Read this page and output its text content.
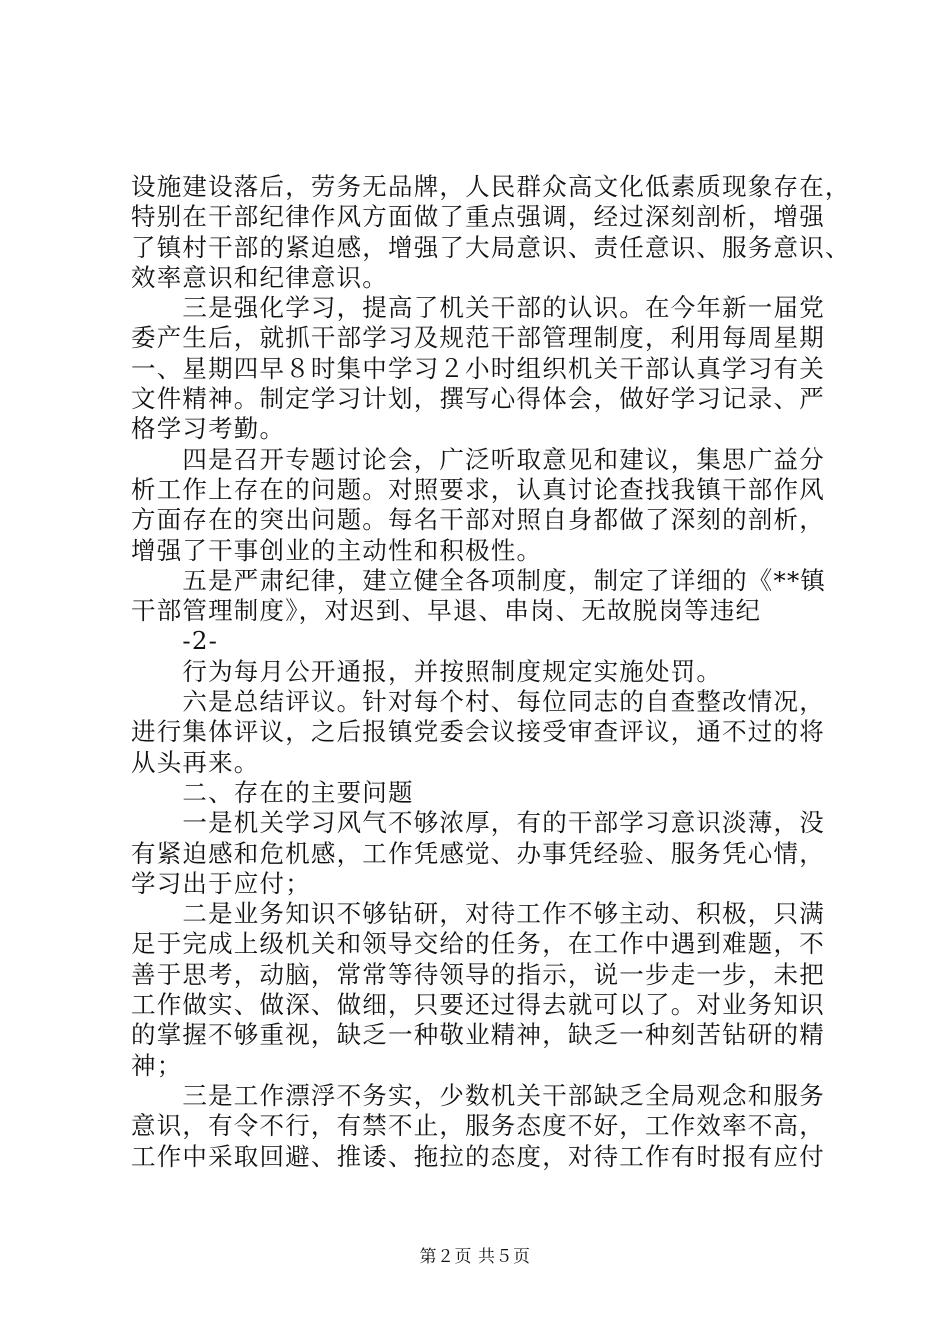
设施建设落后，劳务无品牌，人民群众高文化低素质现象存在，

特别在干部纪律作风方面做了重点强调，经过深刻剖析，增强

了镇村干部的紧迫感，增强了大局意识、责任意识、服务意识、

效率意识和纪律意识。

　　三是强化学习，提高了机关干部的认识。在今年新一届党

委产生后，就抓干部学习及规范干部管理制度，利用每周星期

一、星期四早８时集中学习２小时组织机关干部认真学习有关

文件精神。制定学习计划，撰写心得体会，做好学习记录、严

格学习考勤。

　　四是召开专题讨论会，广泛听取意见和建议，集思广益分

析工作上存在的问题。对照要求，认真讨论查找我镇干部作风

方面存在的突出问题。每名干部对照自身都做了深刻的剖析，

增强了干事创业的主动性和积极性。

　　五是严肃纪律，建立健全各项制度，制定了详细的《**镇

干部管理制度》，对迟到、早退、串岗、无故脱岗等违纪

　　-2-

　　行为每月公开通报，并按照制度规定实施处罚。

　　六是总结评议。针对每个村、每位同志的自查整改情况，

进行集体评议，之后报镇党委会议接受审查评议，通不过的将

从头再来。

　　二、存在的主要问题

　　一是机关学习风气不够浓厚，有的干部学习意识淡薄，没

有紧迫感和危机感，工作凭感觉、办事凭经验、服务凭心情，

学习出于应付；

　　二是业务知识不够钻研，对待工作不够主动、积极，只满

足于完成上级机关和领导交给的任务，在工作中遇到难题，不

善于思考，动脑，常常等待领导的指示，说一步走一步，未把

工作做实、做深、做细，只要还过得去就可以了。对业务知识

的掌握不够重视，缺乏一种敬业精神，缺乏一种刻苦钻研的精

神；

　　三是工作漂浮不务实，少数机关干部缺乏全局观念和服务

意识，有令不行，有禁不止，服务态度不好，工作效率不高，

工作中采取回避、推诿、拖拉的态度，对待工作有时报有应付

第２页 共５页
